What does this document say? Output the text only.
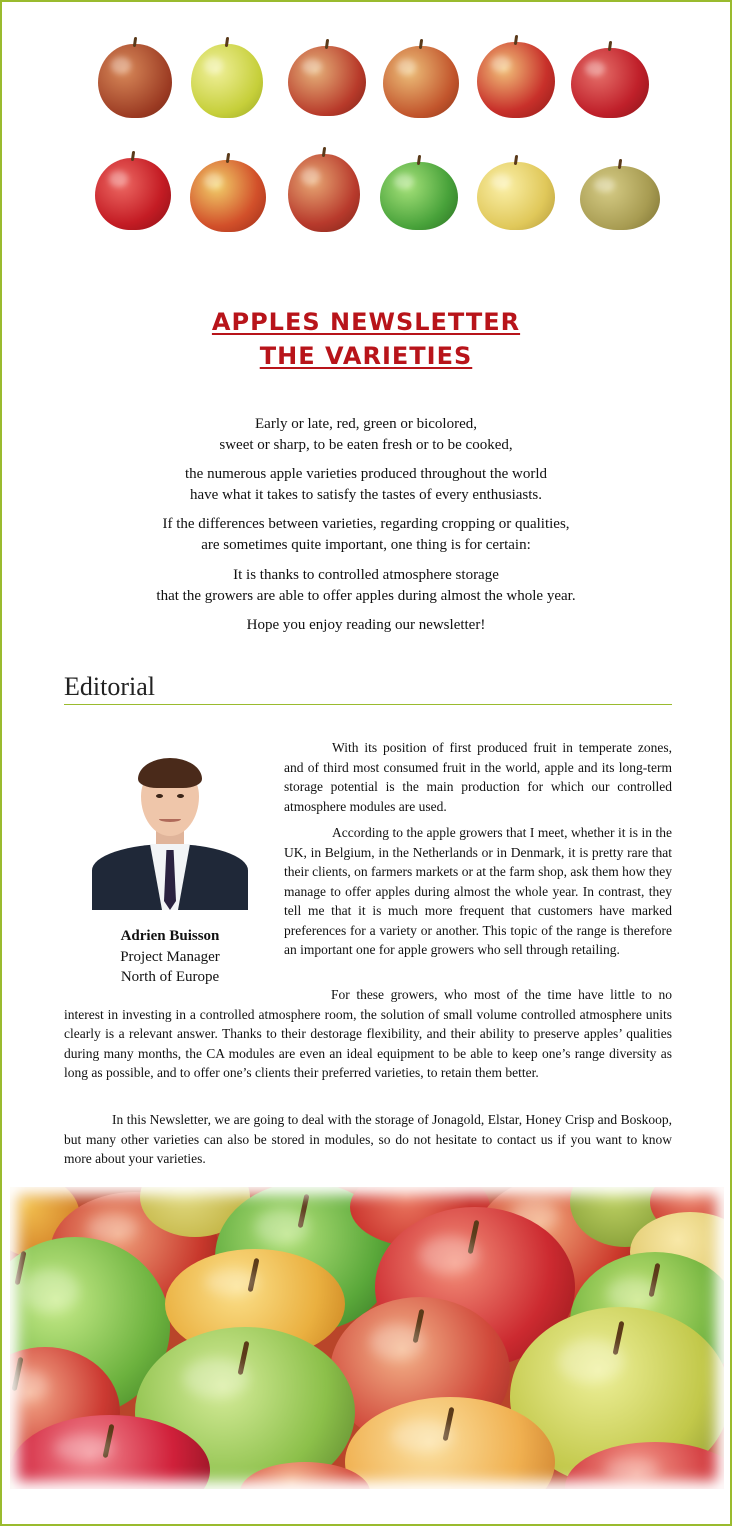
APPLES NEWSLETTER
THE VARIETIES
Early or late, red, green or bicolored,
sweet or sharp, to be eaten fresh or to be cooked,
the numerous apple varieties produced throughout the world
have what it takes to satisfy the tastes of every enthusiasts.
If the differences between varieties, regarding cropping or qualities,
are sometimes quite important, one thing is for certain:
It is thanks to controlled atmosphere storage
that the growers are able to offer apples during almost the whole year.
Hope you enjoy reading our newsletter!
Editorial
Adrien Buisson
Project Manager
North of Europe

With its position of first produced fruit in temperate zones, and of third most consumed fruit in the world, apple and its long-term storage potential is the main production for which our controlled atmosphere modules are used.

According to the apple growers that I meet, whether it is in the UK, in Belgium, in the Netherlands or in Denmark, it is pretty rare that their clients, on farmers markets or at the farm shop, ask them how they manage to offer apples during almost the whole year. In contrast, they tell me that it is much more frequent that customers have marked preferences for a variety or another. This topic of the range is therefore an important one for apple growers who sell through retailing.

For these growers, who most of the time have little to no interest in investing in a controlled atmosphere room, the solution of small volume controlled atmosphere units clearly is a relevant answer. Thanks to their destorage flexibility, and their ability to preserve apples’ qualities during many months, the CA modules are even an ideal equipment to be able to keep one’s range diversity as long as possible, and to offer one’s clients their preferred varieties, to retain them better.

In this Newsletter, we are going to deal with the storage of Jonagold, Elstar, Honey Crisp and Boskoop, but many other varieties can also be stored in modules, so do not hesitate to contact us if you want to know more about your varieties.
